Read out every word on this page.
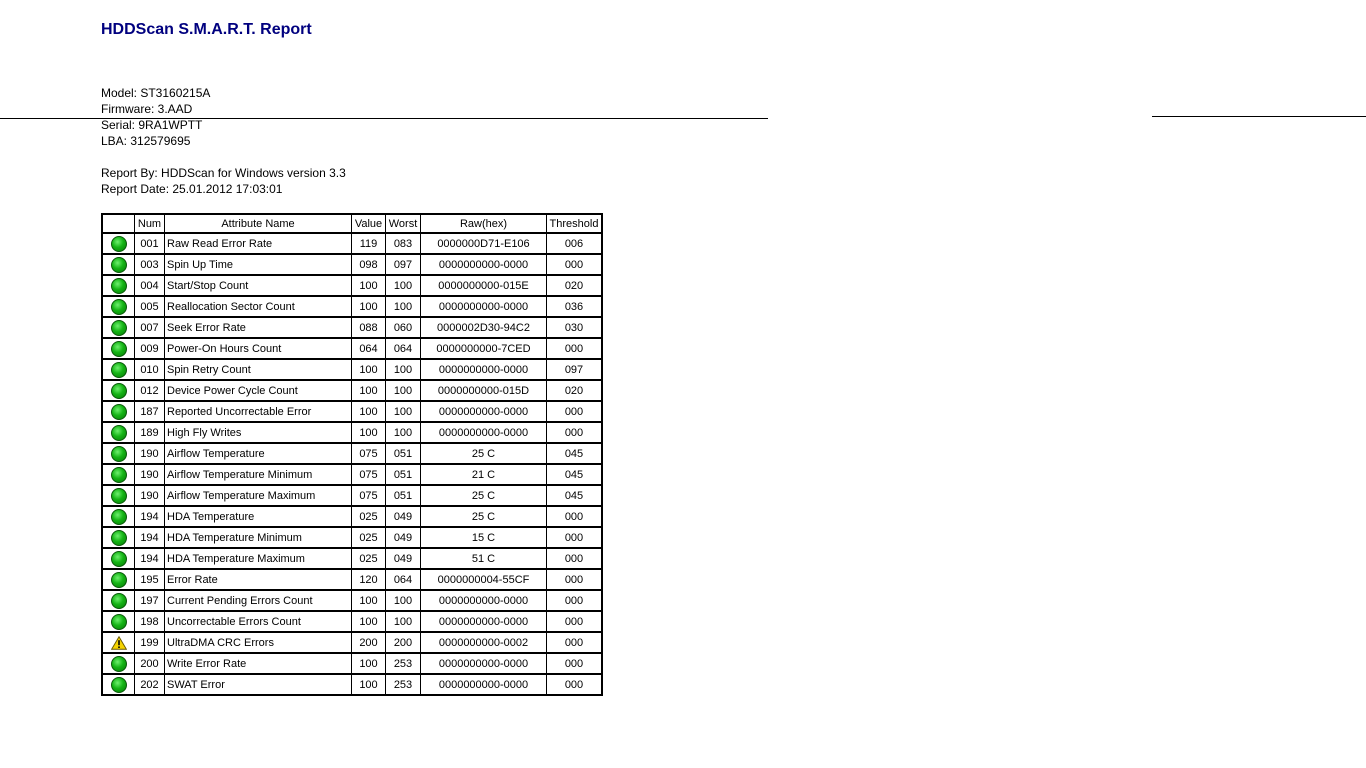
HDDScan S.M.A.R.T. Report
Model: ST3160215A
Firmware: 3.AAD
Serial: 9RA1WPTT
LBA: 312579695
Report By: HDDScan for Windows version 3.3
Report Date: 25.01.2012 17:03:01
	Num	Attribute Name	Value	Worst	Raw(hex)	Threshold
	001	Raw Read Error Rate	119	083	0000000D71-E106	006
	003	Spin Up Time	098	097	0000000000-0000	000
	004	Start/Stop Count	100	100	0000000000-015E	020
	005	Reallocation Sector Count	100	100	0000000000-0000	036
	007	Seek Error Rate	088	060	0000002D30-94C2	030
	009	Power-On Hours Count	064	064	0000000000-7CED	000
	010	Spin Retry Count	100	100	0000000000-0000	097
	012	Device Power Cycle Count	100	100	0000000000-015D	020
	187	Reported Uncorrectable Error	100	100	0000000000-0000	000
	189	High Fly Writes	100	100	0000000000-0000	000
	190	Airflow Temperature	075	051	25 C	045
	190	Airflow Temperature Minimum	075	051	21 C	045
	190	Airflow Temperature Maximum	075	051	25 C	045
	194	HDA Temperature	025	049	25 C	000
	194	HDA Temperature Minimum	025	049	15 C	000
	194	HDA Temperature Maximum	025	049	51 C	000
	195	Error Rate	120	064	0000000004-55CF	000
	197	Current Pending Errors Count	100	100	0000000000-0000	000
	198	Uncorrectable Errors Count	100	100	0000000000-0000	000
	199	UltraDMA CRC Errors	200	200	0000000000-0002	000
	200	Write Error Rate	100	253	0000000000-0000	000
	202	SWAT Error	100	253	0000000000-0000	000
